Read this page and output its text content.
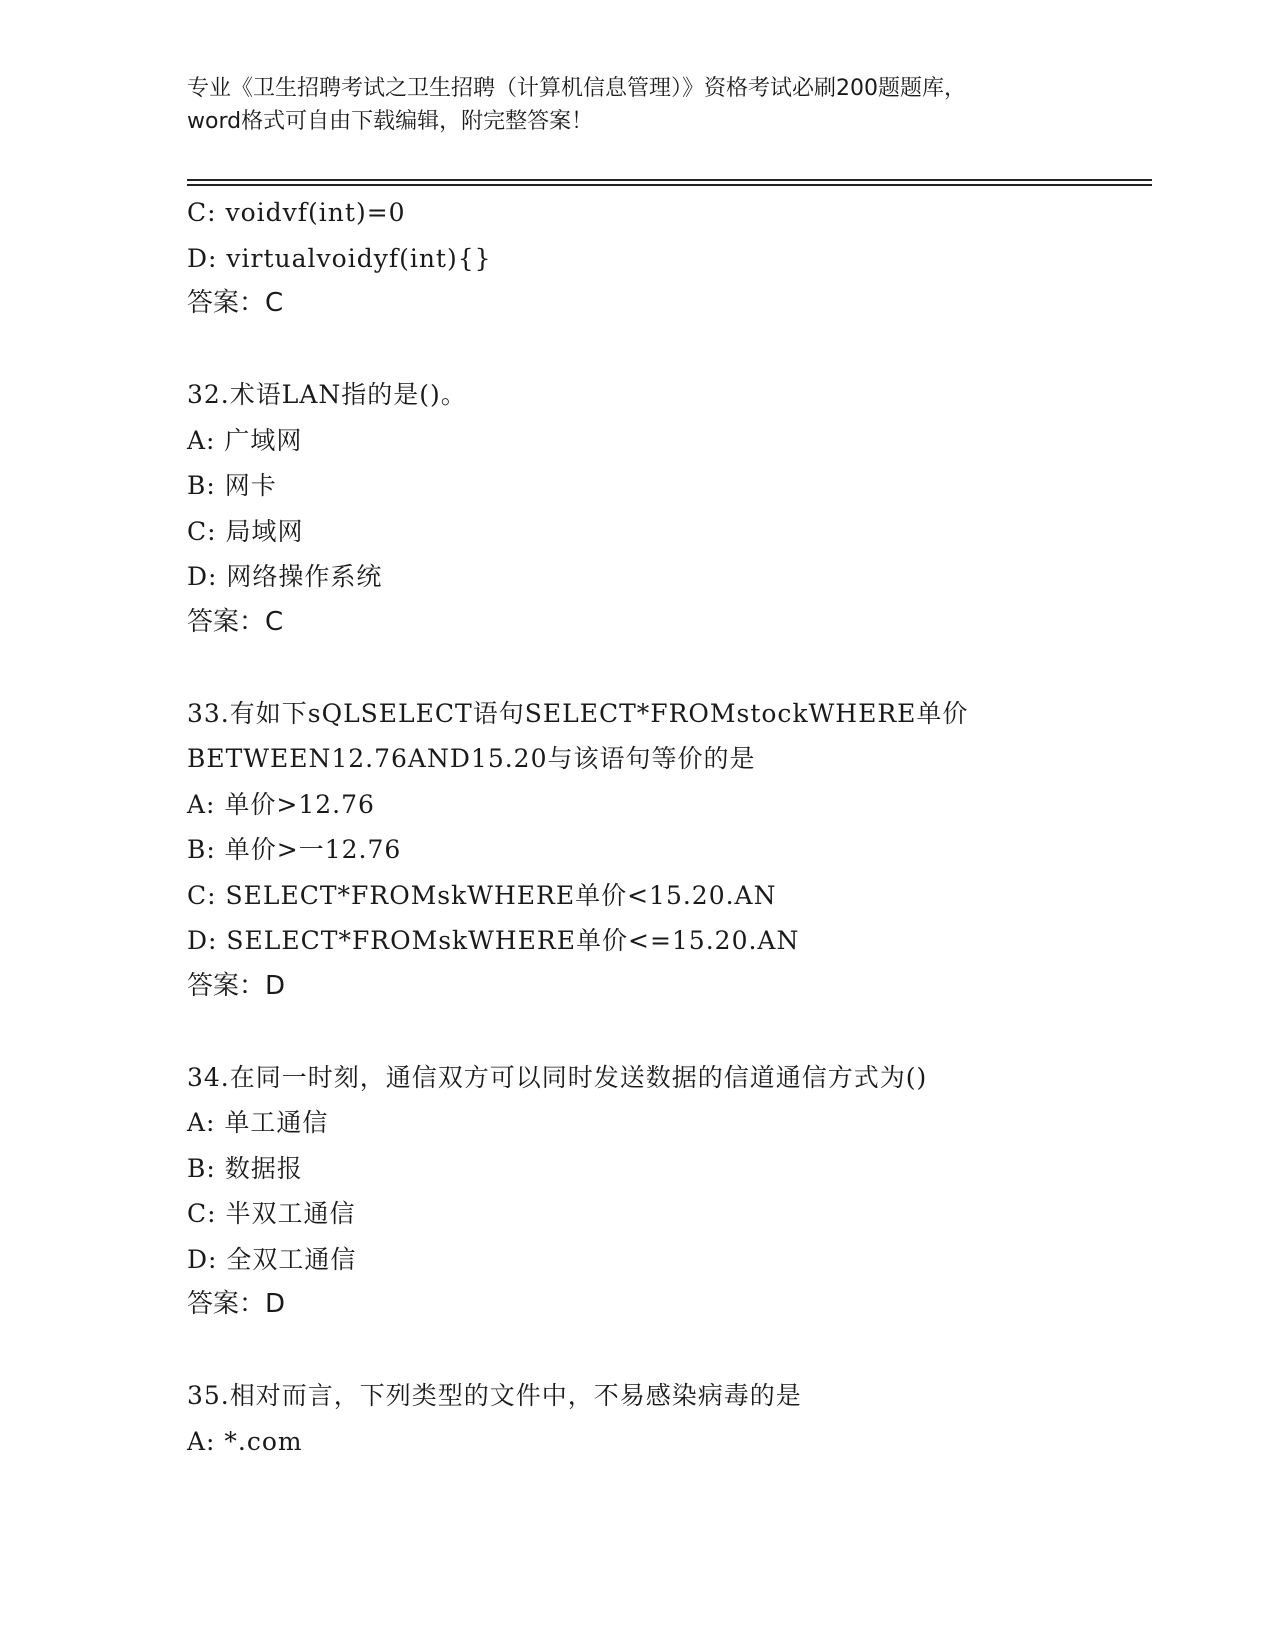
专业《卫生招聘考试之卫生招聘（计算机信息管理）》资格考试必刷200题题库，
word格式可自由下载编辑，附完整答案！
C: voidvf(int)=0
D: virtualvoidyf(int){}
答案：C
32.术语LAN指的是()。
A: 广域网
B: 网卡
C: 局域网
D: 网络操作系统
答案：C
33.有如下sQLSELECT语句SELECT*FROMstockWHERE单价
BETWEEN12.76AND15.20与该语句等价的是
A: 单价>12.76
B: 单价>一12.76
C: SELECT*FROMskWHERE单价<15.20.AN
D: SELECT*FROMskWHERE单价<=15.20.AN
答案：D
34.在同一时刻，通信双方可以同时发送数据的信道通信方式为()
A: 单工通信
B: 数据报
C: 半双工通信
D: 全双工通信
答案：D
35.相对而言，下列类型的文件中，不易感染病毒的是
A: *.com
